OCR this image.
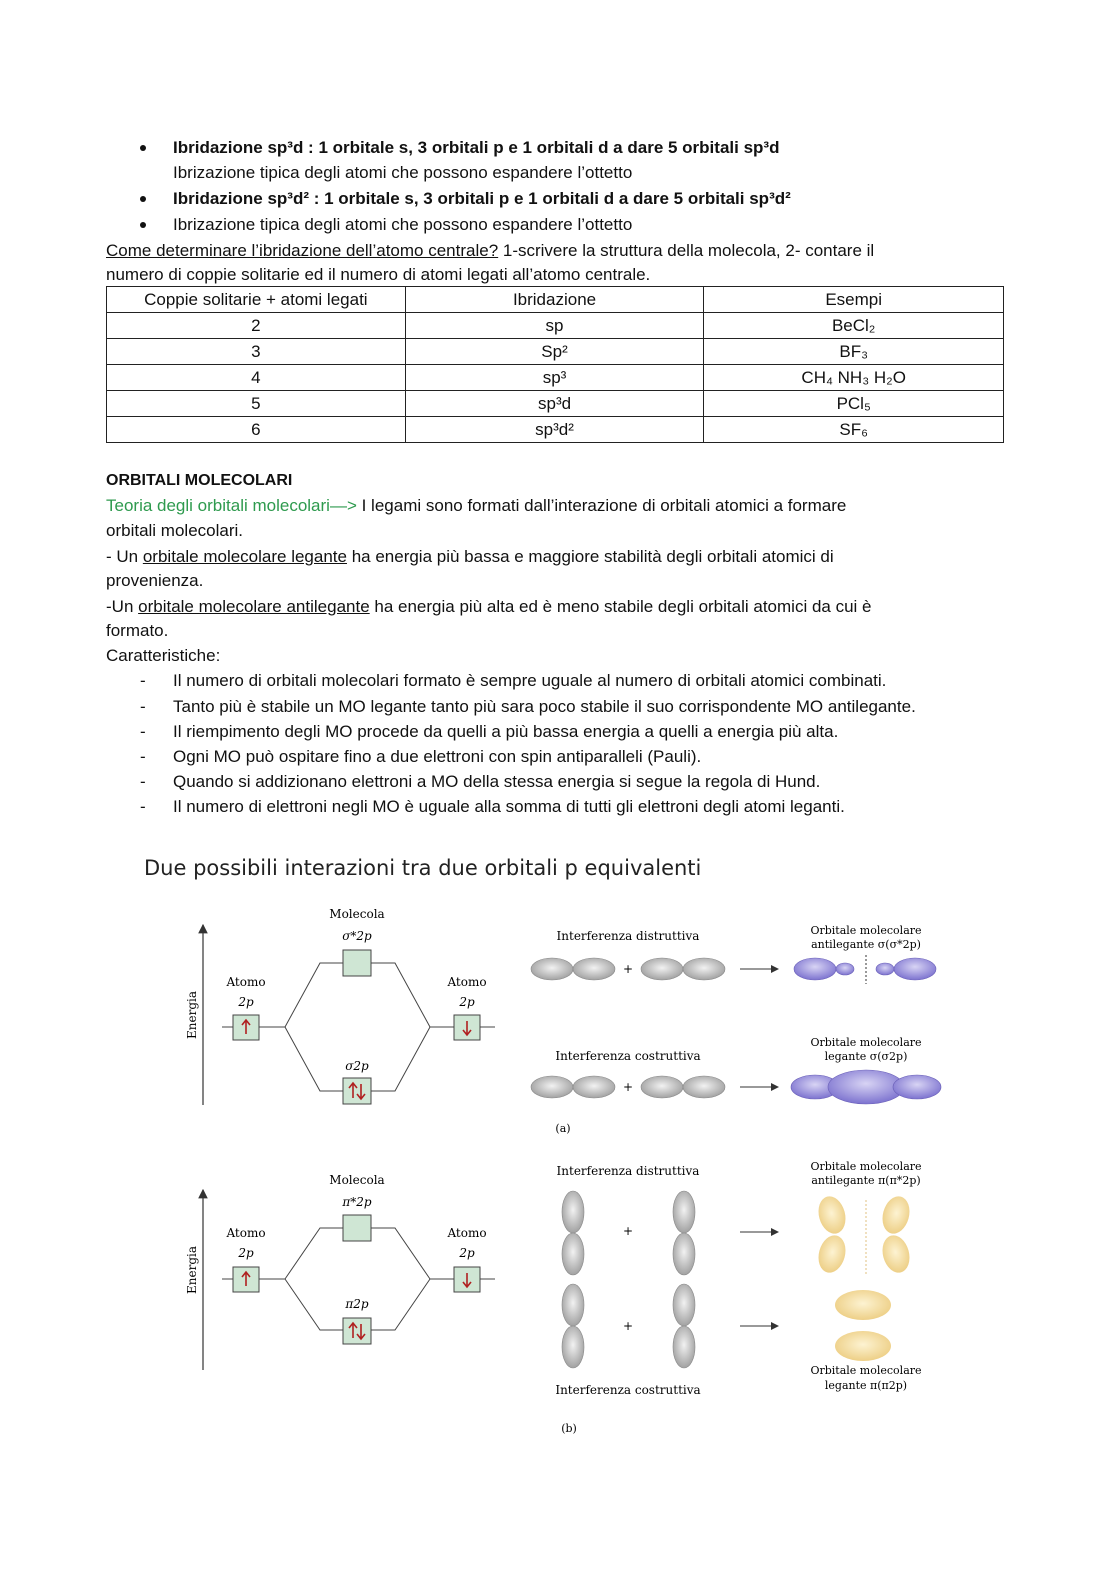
Ibridazione sp³d : 1 orbitale s, 3 orbitali p e 1 orbitali d a dare 5 orbitali sp³d
Ibrizazione tipica degli atomi che possono espandere l’ottetto
Ibridazione sp³d² : 1 orbitale s, 3 orbitali p e 1 orbitali d a dare 5 orbitali sp³d²
Ibrizazione tipica degli atomi che possono espandere l’ottetto
Come determinare l’ibridazione dell’atomo centrale? 1-scrivere la struttura della molecola, 2- contare il
numero di coppie solitarie ed il numero di atomi legati all’atomo centrale.
Coppie solitarie + atomi legati	Ibridazione	Esempi
2	sp	BeCl₂
3	Sp²	BF₃
4	sp³	CH₄ NH₃ H₂O
5	sp³d	PCl₅
6	sp³d²	SF₆
ORBITALI MOLECOLARI
Teoria degli orbitali molecolari—> I legami sono formati dall’interazione di orbitali atomici a formare
orbitali molecolari.
- Un orbitale molecolare legante ha energia più bassa e maggiore stabilità degli orbitali atomici di
provenienza.
-Un orbitale molecolare antilegante ha energia più alta ed è meno stabile degli orbitali atomici da cui è
formato.
Caratteristiche:
- Il numero di orbitali molecolari formato è sempre uguale al numero di orbitali atomici combinati.
- Tanto più è stabile un MO legante tanto più sara poco stabile il suo corrispondente MO antilegante.
- Il riempimento degli MO procede da quelli a più bassa energia a quelli a energia più alta.
- Ogni MO può ospitare fino a due elettroni con spin antiparalleli (Pauli).
- Quando si addizionano elettroni a MO della stessa energia si segue la regola di Hund.
- Il numero di elettroni negli MO è uguale alla somma di tutti gli elettroni degli atomi leganti.
Due possibili interazioni tra due orbitali p equivalenti
Energia
Molecola
σ*2p
Atomo
2p
Atomo
2p
σ2p
Interferenza distruttiva
+
Orbitale molecolare
antilegante σ(σ*2p)
Interferenza costruttiva
+
Orbitale molecolare
legante σ(σ2p)
(a)
Energia
Molecola
π*2p
Atomo
2p
Atomo
2p
π2p
Interferenza distruttiva
+
Orbitale molecolare
antilegante π(π*2p)
+
Orbitale molecolare
legante π(π2p)
Interferenza costruttiva
(b)
